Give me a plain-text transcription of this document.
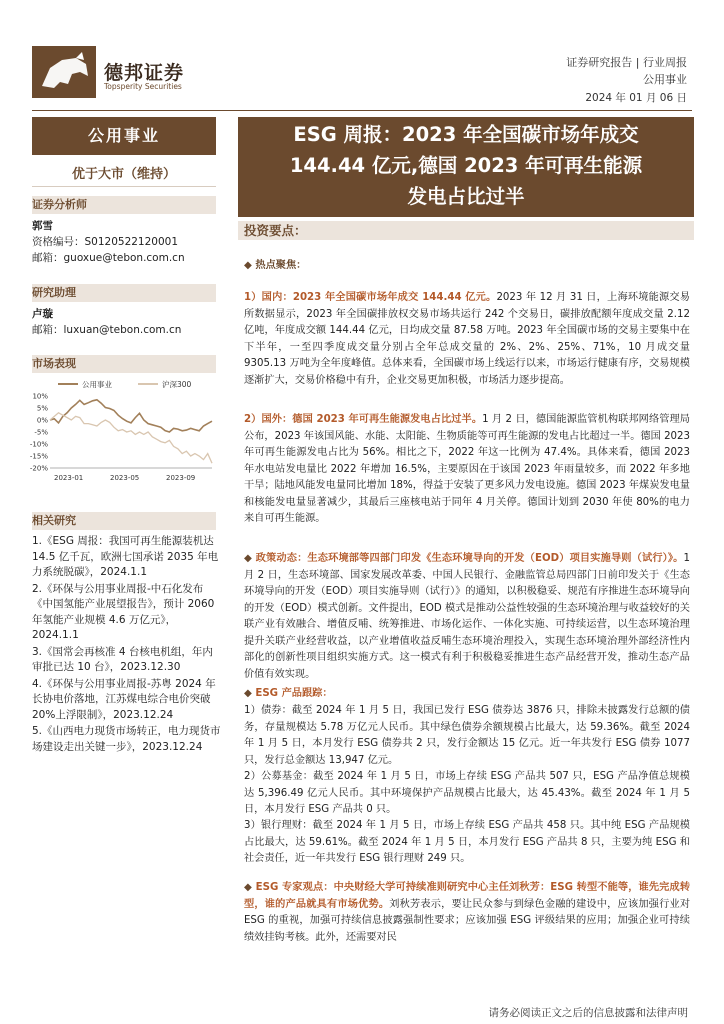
德邦证券
Topsperity Securities
证券研究报告 | 行业周报
公用事业
2024 年 01 月 06 日
公用事业
优于大市（维持）
证券分析师
郭雪
资格编号：S0120522120001
邮箱：guoxue@tebon.com.cn
研究助理
卢璇
邮箱：luxuan@tebon.com.cn
市场表现
公用事业	沪深300
10%
5%
0%
-5%
-10%
-15%
-20%
2023-01	2023-05	2023-09
相关研究
1.《ESG 周报：我国可再生能源装机达 14.5 亿千瓦，欧洲七国承诺 2035 年电力系统脱碳》，2024.1.1
2.《环保与公用事业周报-中石化发布《中国氢能产业展望报告》，预计 2060 年氢能产业规模 4.6 万亿元》，2024.1.1
3.《国常会再核准 4 台核电机组，年内审批已达 10 台》，2023.12.30
4.《环保与公用事业周报-苏粤 2024 年长协电价落地，江苏煤电综合电价突破 20%上浮限制》，2023.12.24
5.《山西电力现货市场转正，电力现货市场建设走出关键一步》，2023.12.24
ESG 周报：2023 年全国碳市场年成交
144.44 亿元,德国 2023 年可再生能源
发电占比过半
投资要点：
◆ 热点聚焦：
1）国内：2023 年全国碳市场年成交 144.44 亿元。2023 年 12 月 31 日，上海环境能源交易所数据显示，2023 年全国碳排放权交易市场共运行 242 个交易日，碳排放配额年度成交量 2.12 亿吨，年度成交额 144.44 亿元，日均成交量 87.58 万吨。2023 年全国碳市场的交易主要集中在下半年，一至四季度成交量分别占全年总成交量的 2%、2%、25%、71%，10 月成交量 9305.13 万吨为全年度峰值。总体来看，全国碳市场上线运行以来，市场运行健康有序，交易规模逐渐扩大，交易价格稳中有升，企业交易更加积极，市场活力逐步提高。
2）国外：德国 2023 年可再生能源发电占比过半。1 月 2 日，德国能源监管机构联邦网络管理局公布，2023 年该国风能、水能、太阳能、生物质能等可再生能源的发电占比超过一半。德国 2023 年可再生能源发电占比为 56%。相比之下，2022 年这一比例为 47.4%。具体来看，德国 2023 年水电站发电量比 2022 年增加 16.5%，主要原因在于该国 2023 年雨量较多，而 2022 年多地干旱；陆地风能发电量同比增加 18%，得益于安装了更多风力发电设施。德国 2023 年煤炭发电量和核能发电量显著减少，其最后三座核电站于同年 4 月关停。德国计划到 2030 年使 80%的电力来自可再生能源。
◆ 政策动态：生态环境部等四部门印发《生态环境导向的开发（EOD）项目实施导则（试行）》。1 月 2 日，生态环境部、国家发展改革委、中国人民银行、金融监管总局四部门日前印发关于《生态环境导向的开发（EOD）项目实施导则（试行）》的通知，以积极稳妥、规范有序推进生态环境导向的开发（EOD）模式创新。文件提出，EOD 模式是推动公益性较强的生态环境治理与收益较好的关联产业有效融合、增值反哺、统筹推进、市场化运作、一体化实施、可持续运营，以生态环境治理提升关联产业经营收益，以产业增值收益反哺生态环境治理投入，实现生态环境治理外部经济性内部化的创新性项目组织实施方式。这一模式有利于积极稳妥推进生态产品经营开发，推动生态产品价值有效实现。
◆ ESG 产品跟踪：
1）债券：截至 2024 年 1 月 5 日，我国已发行 ESG 债券达 3876 只，排除未披露发行总额的债务，存量规模达 5.78 万亿元人民币。其中绿色债券余额规模占比最大，达 59.36%。截至 2024 年 1 月 5 日，本月发行 ESG 债券共 2 只，发行金额达 15 亿元。近一年共发行 ESG 债券 1077 只，发行总金额达 13,947 亿元。
2）公募基金：截至 2024 年 1 月 5 日，市场上存续 ESG 产品共 507 只，ESG 产品净值总规模达 5,396.49 亿元人民币。其中环境保护产品规模占比最大，达 45.43%。截至 2024 年 1 月 5 日，本月发行 ESG 产品共 0 只。
3）银行理财：截至 2024 年 1 月 5 日，市场上存续 ESG 产品共 458 只。其中纯 ESG 产品规模占比最大，达 59.61%。截至 2024 年 1 月 5 日，本月发行 ESG 产品共 8 只，主要为纯 ESG 和社会责任，近一年共发行 ESG 银行理财 249 只。
◆ ESG 专家观点：中央财经大学可持续准则研究中心主任刘秋芳：ESG 转型不能等，谁先完成转型，谁的产品就具有市场优势。刘秋芳表示，要让民众参与到绿色金融的建设中，应该加强行业对 ESG 的重视，加强可持续信息披露强制性要求；应该加强 ESG 评级结果的应用；加强企业可持续绩效挂钩考核。此外，还需要对民
请务必阅读正文之后的信息披露和法律声明
